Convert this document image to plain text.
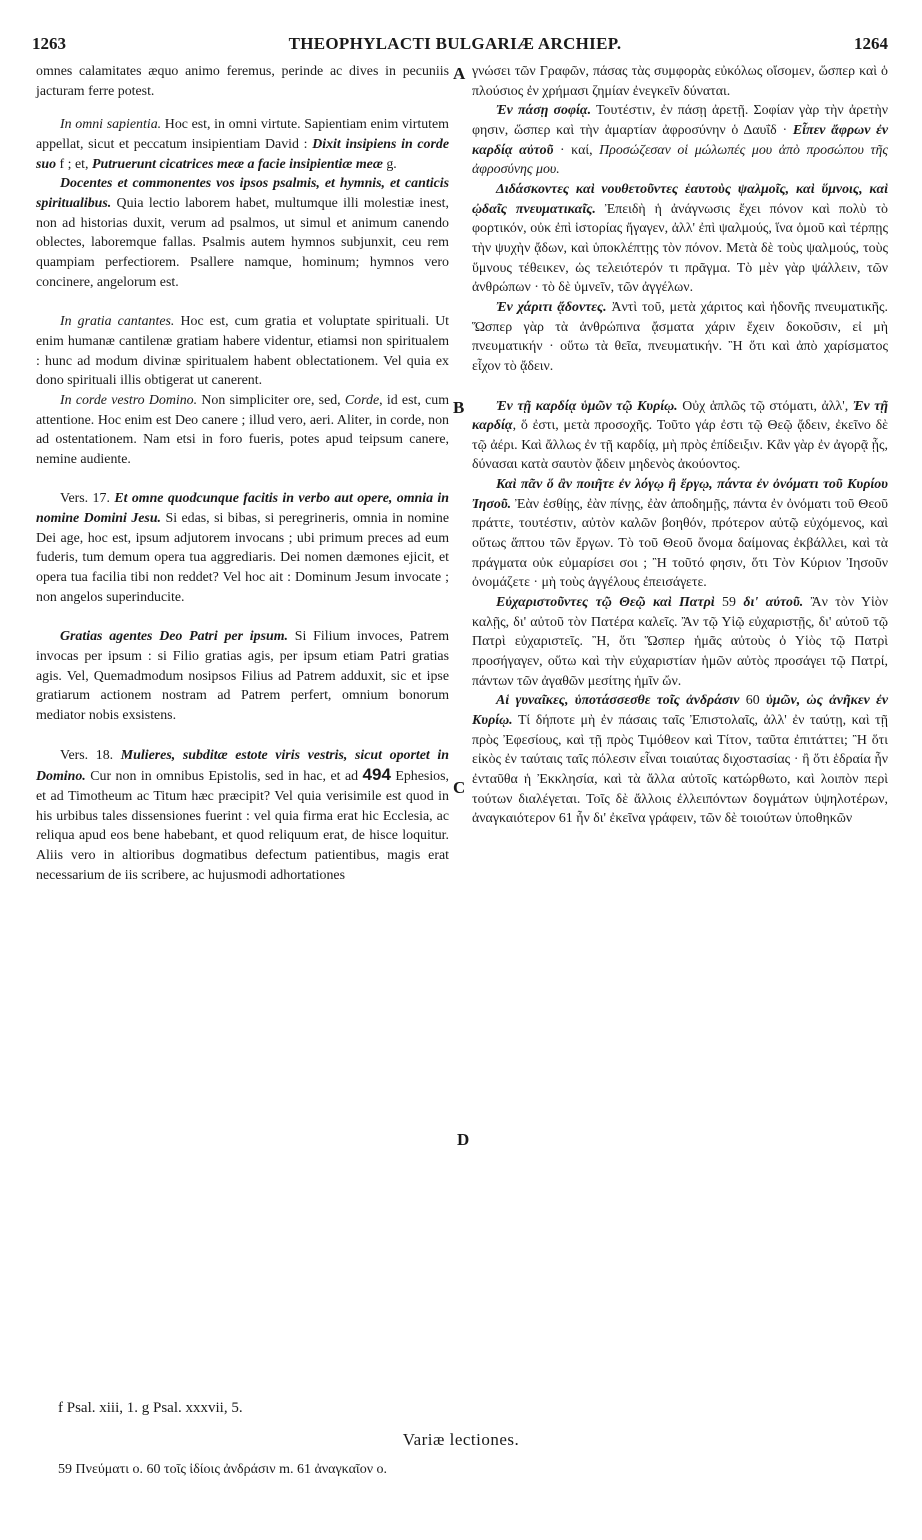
1263	THEOPHYLACTI BULGARIÆ ARCHIEP.	1264
A
B
C
D

omnes calamitates æquo animo feremus, perinde ac dives in pecuniis jacturam ferre potest.

In omni sapientia. Hoc est, in omni virtute. Sapientiam enim virtutem appellat, sicut et peccatum insipientiam David : Dixit insipiens in corde suo f ; et, Putruerunt cicatrices meæ a facie insipientiæ meæ g.

Docentes et commonentes vos ipsos psalmis, et hymnis, et canticis spiritualibus. Quia lectio laborem habet, multumque illi molestiæ inest, non ad historias duxit, verum ad psalmos, ut simul et animum canendo oblectes, laboremque fallas. Psalmis autem hymnos subjunxit, ceu rem quampiam perfectiorem. Psallere namque, hominum; hymnos vero concinere, angelorum est.

In gratia cantantes. Hoc est, cum gratia et voluptate spirituali. Ut enim humanæ cantilenæ gratiam habere videntur, etiamsi non spiritualem : hunc ad modum divinæ spiritualem habent oblectationem. Vel quia ex dono spirituali illis obtigerat ut canerent.

In corde vestro Domino. Non simpliciter ore, sed, Corde, id est, cum attentione. Hoc enim est Deo canere ; illud vero, aeri. Aliter, in corde, non ad ostentationem. Nam etsi in foro fueris, potes apud teipsum canere, nemine audiente.

Vers. 17. Et omne quodcunque facitis in verbo aut opere, omnia in nomine Domini Jesu. Si edas, si bibas, si peregrineris, omnia in nomine Dei age, hoc est, ipsum adjutorem invocans ; ubi primum preces ad eum fuderis, tum demum opera tua aggrediaris. Dei nomen dæmones ejicit, et opera tua facilia tibi non reddet? Vel hoc ait : Dominum Jesum invocate ; non angelos superinducite.

Gratias agentes Deo Patri per ipsum. Si Filium invoces, Patrem invocas per ipsum : si Filio gratias agis, per ipsum etiam Patri gratias agis. Vel, Quemadmodum nosipsos Filius ad Patrem adduxit, sic et ipse gratiarum actionem nostram ad Patrem perfert, omnium bonorum mediator nobis exsistens.

Vers. 18. Mulieres, subditæ estote viris vestris, sicut oportet in Domino. Cur non in omnibus Epistolis, sed in hac, et ad 494 Ephesios, et ad Timotheum ac Titum hæc præcipit? Vel quia verisimile est quod in his urbibus tales dissensiones fuerint : vel quia firma erat hic Ecclesia, ac reliqua apud eos bene habebant, et quod reliquum erat, de hisce loquitur. Aliis vero in altioribus dogmatibus defectum patientibus, magis erat necessarium de iis scribere, ac hujusmodi adhortationes

γνώσει τῶν Γραφῶν, πάσας τὰς συμφορὰς εὐκόλως οἴσομεν, ὥσπερ καὶ ὁ πλούσιος ἐν χρήμασι ζημίαν ἐνεγκεῖν δύναται.

Ἐν πάσῃ σοφίᾳ. Τουτέστιν, ἐν πάσῃ ἀρετῇ. Σοφίαν γὰρ τὴν ἀρετὴν φησιν, ὥσπερ καὶ τὴν ἁμαρτίαν ἀφροσύνην ὁ Δαυΐδ · Εἶπεν ἄφρων ἐν καρδίᾳ αὐτοῦ · καί, Προσώζεσαν οἱ μώλωπές μου ἀπὸ προσώπου τῆς ἀφροσύνης μου.

Διδάσκοντες καὶ νουθετοῦντες ἑαυτοὺς ψαλμοῖς, καὶ ὕμνοις, καὶ ᾠδαῖς πνευματικαῖς. Ἐπειδὴ ἡ ἀνάγνωσις ἔχει πόνον καὶ πολὺ τὸ φορτικόν, οὐκ ἐπὶ ἱστορίας ἤγαγεν, ἀλλ' ἐπὶ ψαλμούς, ἵνα ὁμοῦ καὶ τέρπῃς τὴν ψυχὴν ᾄδων, καὶ ὑποκλέπτῃς τὸν πόνον. Μετὰ δὲ τοὺς ψαλμούς, τοὺς ὕμνους τέθεικεν, ὡς τελειότερόν τι πρᾶγμα. Τὸ μὲν γὰρ ψάλλειν, τῶν ἀνθρώπων · τὸ δὲ ὑμνεῖν, τῶν ἀγγέλων.

Ἐν χάριτι ᾄδοντες. Ἀντὶ τοῦ, μετὰ χάριτος καὶ ἡδονῆς πνευματικῆς. Ὥσπερ γὰρ τὰ ἀνθρώπινα ᾄσματα χάριν ἔχειν δοκοῦσιν, εἰ μὴ πνευματικήν · οὕτω τὰ θεῖα, πνευματικήν. Ἢ ὅτι καὶ ἀπὸ χαρίσματος εἶχον τὸ ᾄδειν.

Ἐν τῇ καρδίᾳ ὑμῶν τῷ Κυρίῳ. Οὐχ ἁπλῶς τῷ στόματι, ἀλλ', Ἐν τῇ καρδίᾳ, ὅ ἐστι, μετὰ προσοχῆς. Τοῦτο γάρ ἐστι τῷ Θεῷ ᾄδειν, ἐκεῖνο δὲ τῷ ἀέρι. Καὶ ἄλλως ἐν τῇ καρδίᾳ, μὴ πρὸς ἐπίδειξιν. Κἂν γὰρ ἐν ἀγορᾷ ᾖς, δύνασαι κατὰ σαυτὸν ᾄδειν μηδενὸς ἀκούοντος.

Καὶ πᾶν ὅ ἂν ποιῆτε ἐν λόγῳ ἢ ἔργῳ, πάντα ἐν ὀνόματι τοῦ Κυρίου Ἰησοῦ. Ἐὰν ἐσθίῃς, ἐὰν πίνῃς, ἐὰν ἀποδημῇς, πάντα ἐν ὀνόματι τοῦ Θεοῦ πράττε, τουτέστιν, αὐτὸν καλῶν βοηθόν, πρότερον αὐτῷ εὐχόμενος, καὶ οὕτως ἅπτου τῶν ἔργων. Τὸ τοῦ Θεοῦ ὄνομα δαίμονας ἐκβάλλει, καὶ τὰ πράγματα οὐκ εὐμαρίσει σοι ; Ἢ τοῦτό φησιν, ὅτι Τὸν Κύριον Ἰησοῦν ὀνομάζετε · μὴ τοὺς ἀγγέλους ἐπεισάγετε.

Εὐχαριστοῦντες τῷ Θεῷ καὶ Πατρὶ 59 δι' αὐτοῦ. Ἂν τὸν Υἱὸν καλῇς, δι' αὐτοῦ τὸν Πατέρα καλεῖς. Ἂν τῷ Υἱῷ εὐχαριστῇς, δι' αὐτοῦ τῷ Πατρὶ εὐχαριστεῖς. Ἢ, ὅτι Ὥσπερ ἡμᾶς αὐτοὺς ὁ Υἱὸς τῷ Πατρὶ προσήγαγεν, οὕτω καὶ τὴν εὐχαριστίαν ἡμῶν αὐτὸς προσάγει τῷ Πατρί, πάντων τῶν ἀγαθῶν μεσίτης ἡμῖν ὤν.

Αἱ γυναῖκες, ὑποτάσσεσθε τοῖς ἀνδράσιν 60 ὑμῶν, ὡς ἀνῆκεν ἐν Κυρίῳ. Τί δήποτε μὴ ἐν πάσαις ταῖς Ἐπιστολαῖς, ἀλλ' ἐν ταύτῃ, καὶ τῇ πρὸς Ἐφεσίους, καὶ τῇ πρὸς Τιμόθεον καὶ Τίτον, ταῦτα ἐπιτάττει; Ἢ ὅτι εἰκὸς ἐν ταύταις ταῖς πόλεσιν εἶναι τοιαύτας διχοστασίας · ἢ ὅτι ἑδραία ἦν ἐνταῦθα ἡ Ἐκκλησία, καὶ τὰ ἄλλα αὐτοῖς κατώρθωτο, καὶ λοιπὸν περὶ τούτων διαλέγεται. Τοῖς δὲ ἄλλοις ἐλλειπόντων δογμάτων ὑψηλοτέρων, ἀναγκαιότερον 61 ἦν δι' ἐκεῖνα γράφειν, τῶν δὲ τοιούτων ὑποθηκῶν

f Psal. xiii, 1. g Psal. xxxvii, 5.
Variæ lectiones.
59 Πνεύματι o. 60 τοῖς ἰδίοις ἀνδράσιν m. 61 ἀναγκαῖον o.
